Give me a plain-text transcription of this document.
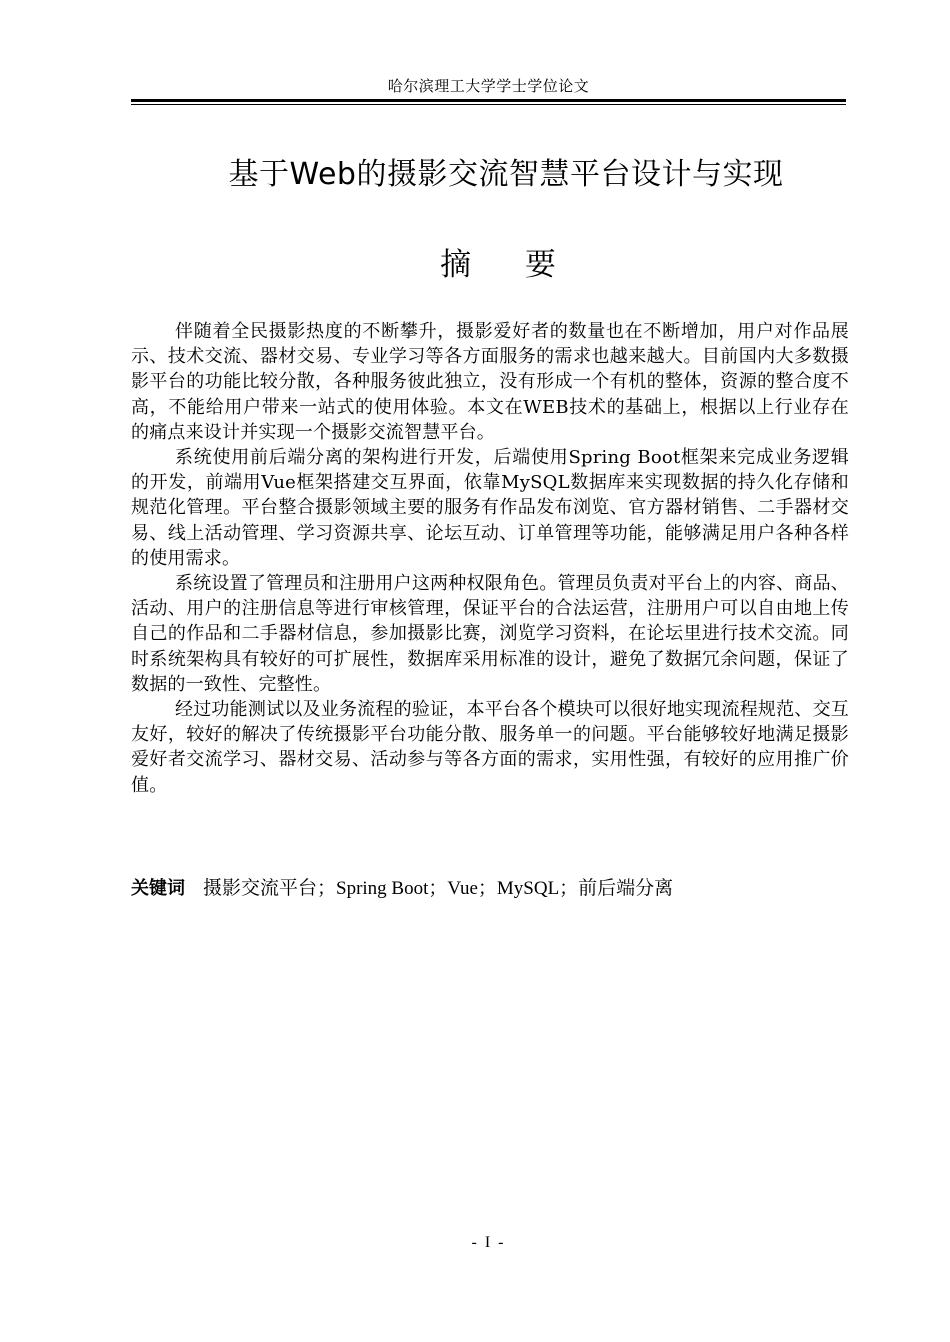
哈尔滨理工大学学士学位论文
基于Web的摄影交流智慧平台设计与实现
摘 要

伴随着全民摄影热度的不断攀升，摄影爱好者的数量也在不断增加，用户对作品展示、技术交流、器材交易、专业学习等各方面服务的需求也越来越大。目前国内大多数摄影平台的功能比较分散，各种服务彼此独立，没有形成一个有机的整体，资源的整合度不高，不能给用户带来一站式的使用体验。本文在WEB技术的基础上，根据以上行业存在的痛点来设计并实现一个摄影交流智慧平台。

系统使用前后端分离的架构进行开发，后端使用Spring Boot框架来完成业务逻辑的开发，前端用Vue框架搭建交互界面，依靠MySQL数据库来实现数据的持久化存储和规范化管理。平台整合摄影领域主要的服务有作品发布浏览、官方器材销售、二手器材交易、线上活动管理、学习资源共享、论坛互动、订单管理等功能，能够满足用户各种各样的使用需求。

系统设置了管理员和注册用户这两种权限角色。管理员负责对平台上的内容、商品、活动、用户的注册信息等进行审核管理，保证平台的合法运营，注册用户可以自由地上传自己的作品和二手器材信息，参加摄影比赛，浏览学习资料，在论坛里进行技术交流。同时系统架构具有较好的可扩展性，数据库采用标准的设计，避免了数据冗余问题，保证了数据的一致性、完整性。

经过功能测试以及业务流程的验证，本平台各个模块可以很好地实现流程规范、交互友好，较好的解决了传统摄影平台功能分散、服务单一的问题。平台能够较好地满足摄影爱好者交流学习、器材交易、活动参与等各方面的需求，实用性强，有较好的应用推广价值。

关键词 摄影交流平台；Spring Boot；Vue；MySQL；前后端分离
- I -
